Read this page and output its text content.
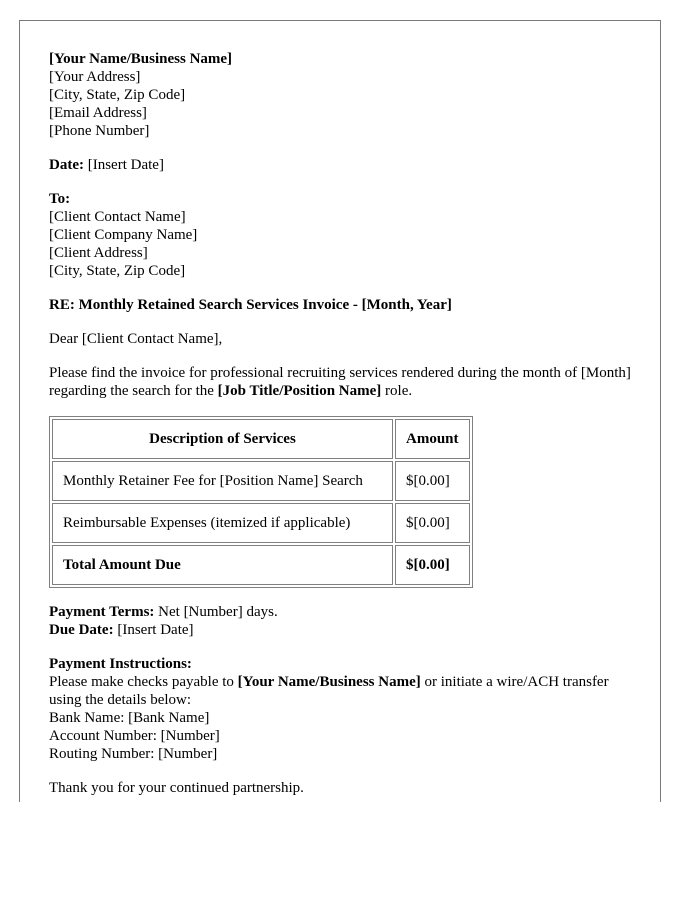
[Your Name/Business Name]
[Your Address]
[City, State, Zip Code]
[Email Address]
[Phone Number]
Date: [Insert Date]
To:
[Client Contact Name]
[Client Company Name]
[Client Address]
[City, State, Zip Code]
RE: Monthly Retained Search Services Invoice - [Month, Year]
Dear [Client Contact Name],
Please find the invoice for professional recruiting services rendered during the month of [Month] regarding the search for the [Job Title/Position Name] role.
Description of Services	Amount
Monthly Retainer Fee for [Position Name] Search	$[0.00]
Reimbursable Expenses (itemized if applicable)	$[0.00]
Total Amount Due	$[0.00]
Payment Terms: Net [Number] days.
Due Date: [Insert Date]
Payment Instructions:
Please make checks payable to [Your Name/Business Name] or initiate a wire/ACH transfer using the details below:
Bank Name: [Bank Name]
Account Number: [Number]
Routing Number: [Number]
Thank you for your continued partnership.
